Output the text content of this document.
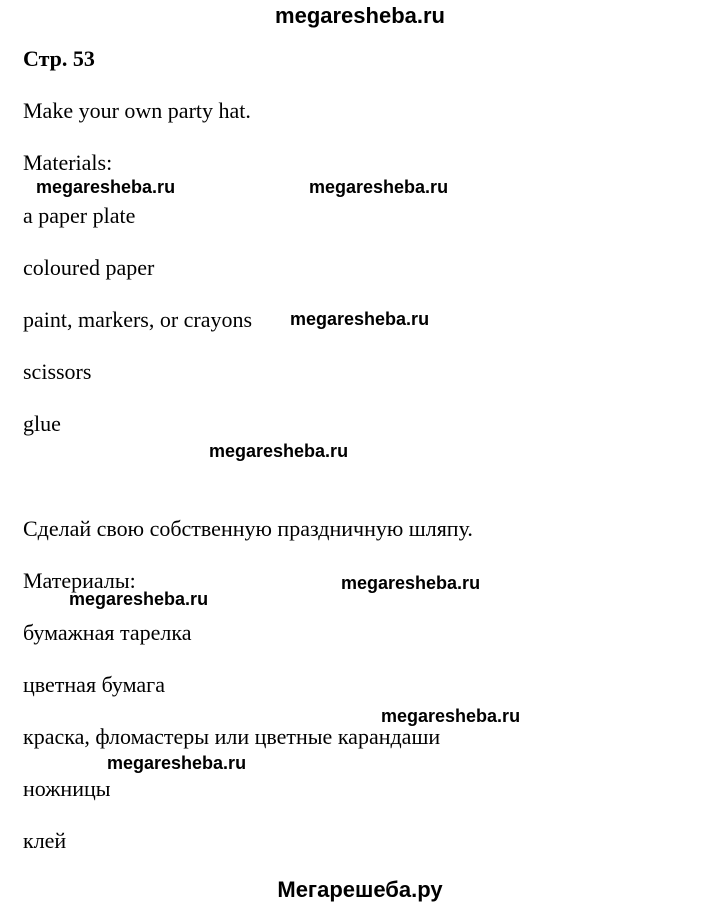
megaresheba.ru
Стр. 53
Make your own party hat.
Materials:
a paper plate
coloured paper
paint, markers, or crayons
scissors
glue
Сделай свою собственную праздничную шляпу.
Материалы:
бумажная тарелка
цветная бумага
краска, фломастеры или цветные карандаши
ножницы
клей
megaresheba.ru	megaresheba.ru
megaresheba.ru
megaresheba.ru
megaresheba.ru
megaresheba.ru
megaresheba.ru
megaresheba.ru
Мегарешеба.ру
